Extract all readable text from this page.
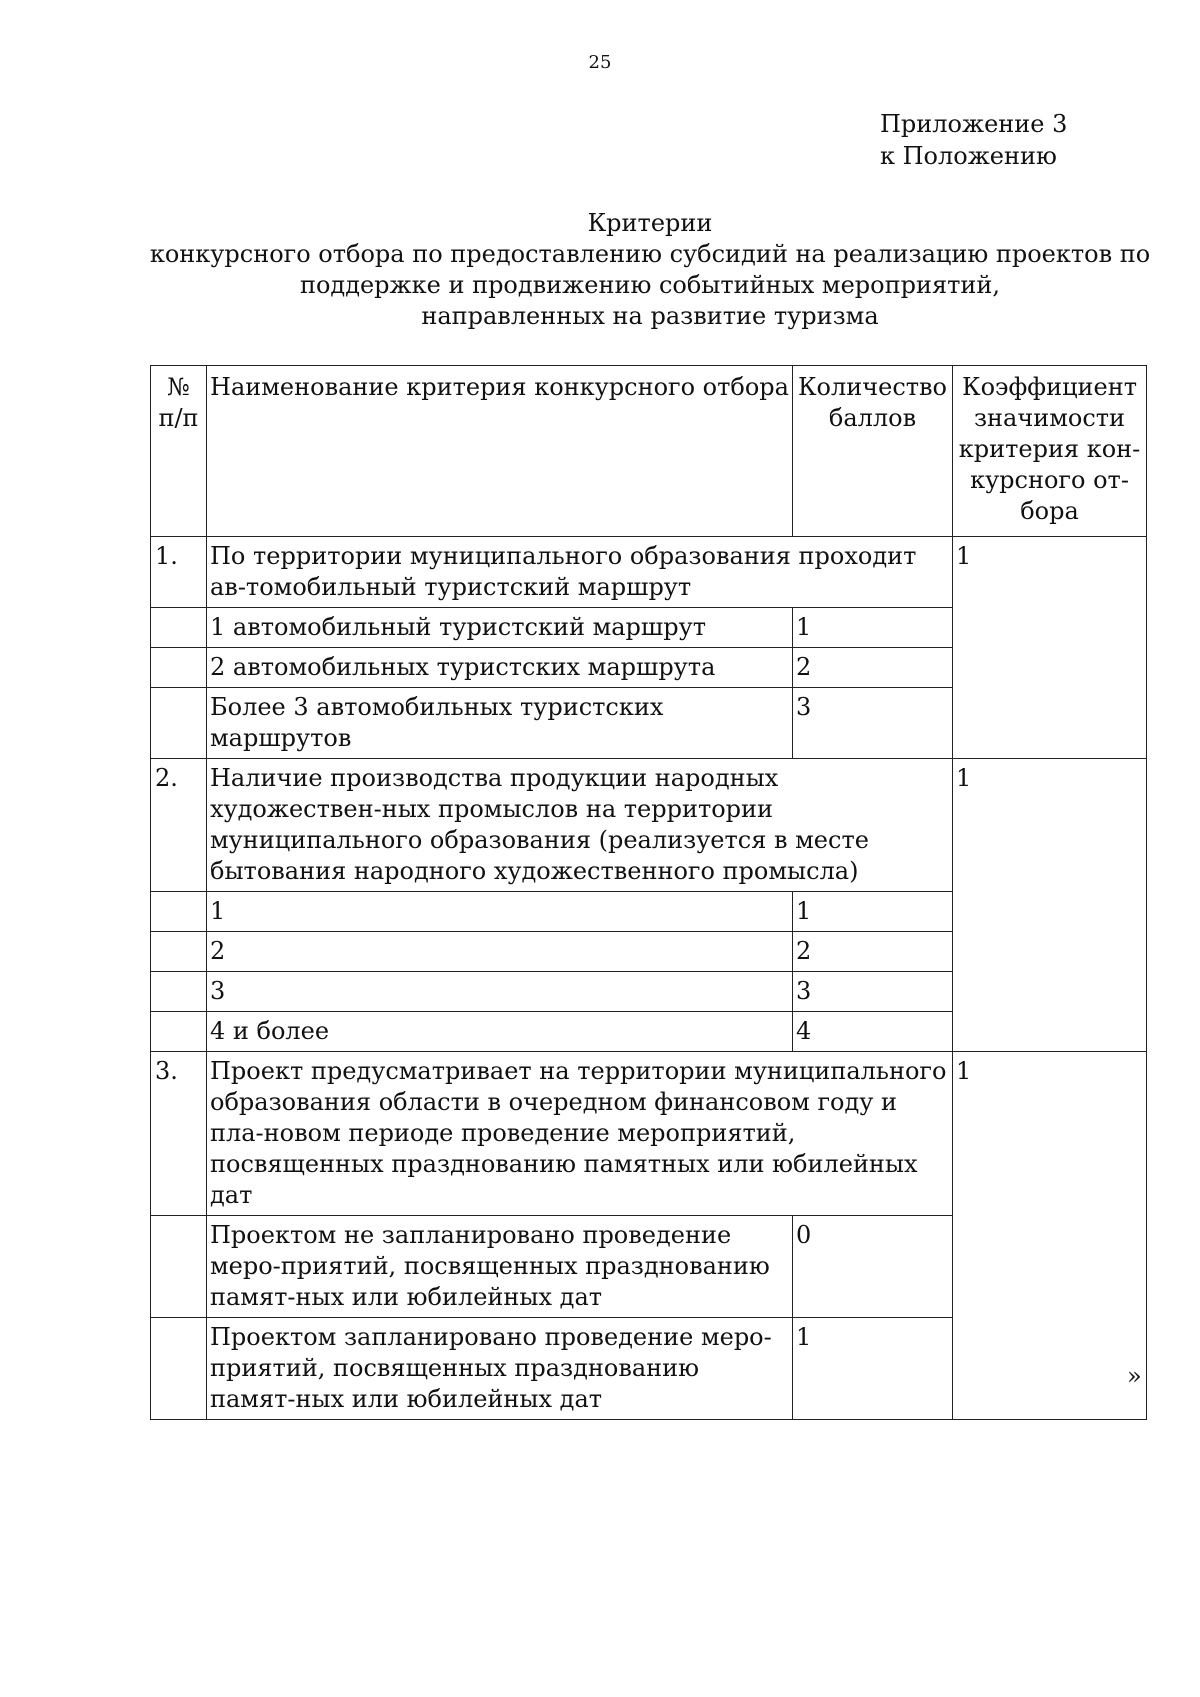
25
Приложение 3
к Положению
Критерии
конкурсного отбора по предоставлению субсидий на реализацию проектов по
поддержке и продвижению событийных мероприятий,
направленных на развитие туризма
№ п/п	Наименование критерия конкурсного отбора	Количество баллов	Коэффициент значимости критерия кон-курсного от-бора
1.	По территории муниципального образования проходит ав-томобильный туристский маршрут		1
	1 автомобильный туристский маршрут	1	
	2 автомобильных туристских маршрута	2	
	Более 3 автомобильных туристских маршрутов	3	
2.	Наличие производства продукции народных художествен-ных промыслов на территории муниципального образования (реализуется в месте бытования народного художественного промысла)		1
	1	1	
	2	2	
	3	3	
	4 и более	4	
3.	Проект предусматривает на территории муниципального образования области в очередном финансовом году и пла-новом периоде проведение мероприятий, посвященных празднованию памятных или юбилейных дат		1
	Проектом не запланировано проведение меро-приятий, посвященных празднованию памят-ных или юбилейных дат	0	
	Проектом запланировано проведение меро-приятий, посвященных празднованию памят-ных или юбилейных дат	1	
»
